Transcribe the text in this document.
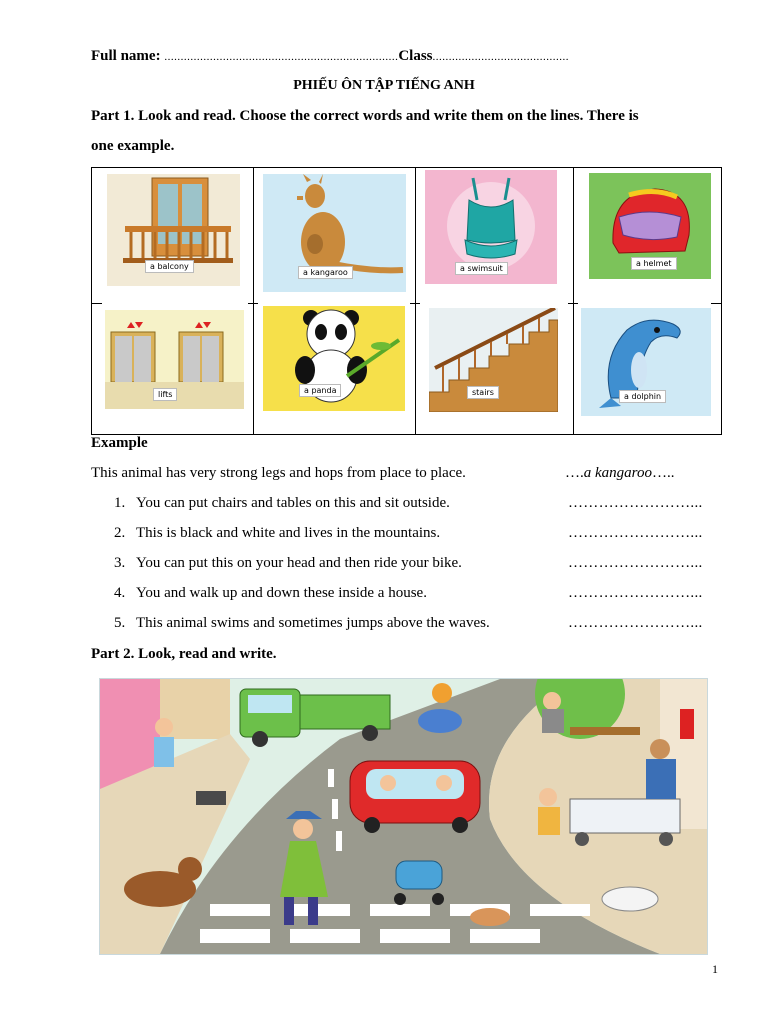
Full name: ........................................................................Class..........................................
PHIẾU ÔN TẬP TIẾNG ANH
Part 1. Look and read. Choose the correct words and write them on the lines. There is
one example.
a balcony
a kangaroo	a swimsuit
a helmet
lifts	a panda	stairs	a dolphin
Example
This animal has very strong legs and hops from place to place.	….a kangaroo…..
1. You can put chairs and tables on this and sit outside.	……………………...
2. This is black and white and lives in the mountains.	……………………...
3. You can put this on your head and then ride your bike.	……………………...
4. You and walk up and down these inside a house.	……………………...
5. This animal swims and sometimes jumps above the waves.	……………………...
Part 2. Look, read and write.
1
